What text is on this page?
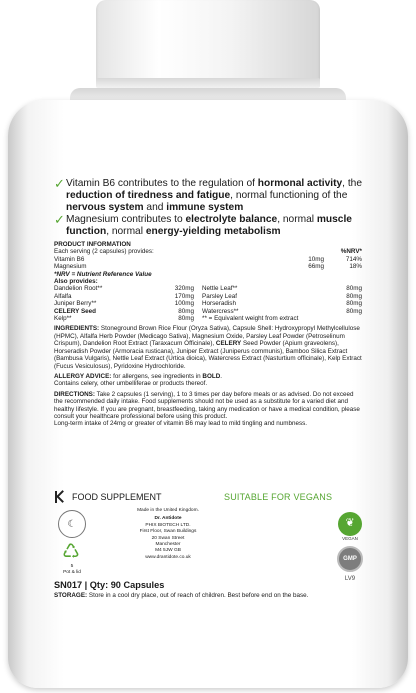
✓ Vitamin B6 contributes to the regulation of hormonal activity, the reduction of tiredness and fatigue, normal functioning of the nervous system and immune system
✓ Magnesium contributes to electrolyte balance, normal muscle function, normal energy-yielding metabolism
PRODUCT INFORMATION
Each serving (2 capsules) provides:	%NRV*
Vitamin B6	10mg	714%
Magnesium	66mg	18%
*NRV = Nutrient Reference Value
Also provides:
Dandelion Root**	320mg	Nettle Leaf**	80mg
Alfalfa	170mg	Parsley Leaf	80mg
Juniper Berry**	100mg	Horseradish	80mg
CELERY Seed	80mg	Watercress**	80mg
Kelp**	80mg	** = Equivalent weight from extract
INGREDIENTS: Stoneground Brown Rice Flour (Oryza Sativa), Capsule Shell: Hydroxypropyl Methylcellulose (HPMC), Alfalfa Herb Powder (Medicago Sativa), Magnesium Oxide, Parsley Leaf Powder (Petroselinum Crispum), Dandelion Root Extract (Taraxacum Officinale), CELERY Seed Powder (Apium graveolens), Horseradish Powder (Armoracia rusticana), Juniper Extract (Juniperus communis), Bamboo Silica Extract (Bambusa Vulgaris), Nettle Leaf Extract (Urtica dioica), Watercress Extract (Nasturtium officinale), Kelp Extract (Fucus Vesiculosus), Pyridoxine Hydrochloride.
ALLERGY ADVICE: for allergens, see ingredients in BOLD.
Contains celery, other umbelliferae or products thereof.
DIRECTIONS: Take 2 capsules (1 serving), 1 to 3 times per day before meals or as advised. Do not exceed the recommended daily intake. Food supplements should not be used as a substitute for a varied diet and healthy lifestyle. If you are pregnant, breastfeeding, taking any medication or have a medical condition, please consult your healthcare professional before using this product.
Long-term intake of 24mg or greater of vitamin B6 may lead to mild tingling and numbness.
FOOD SUPPLEMENT	SUITABLE FOR VEGANS
☾
♺
5
Pot & lid
Made in the United Kingdom.
Dr. Antidote
PHIX BIOTECH LTD.
First Floor, Swan Buildings
20 Swan Street
Manchester
M4 5JW GB
www.drantidote.co.uk
❦
VEGAN
GMP
LV9
SN017 | Qty: 90 Capsules
STORAGE: Store in a cool dry place, out of reach of children. Best before end on the base.
